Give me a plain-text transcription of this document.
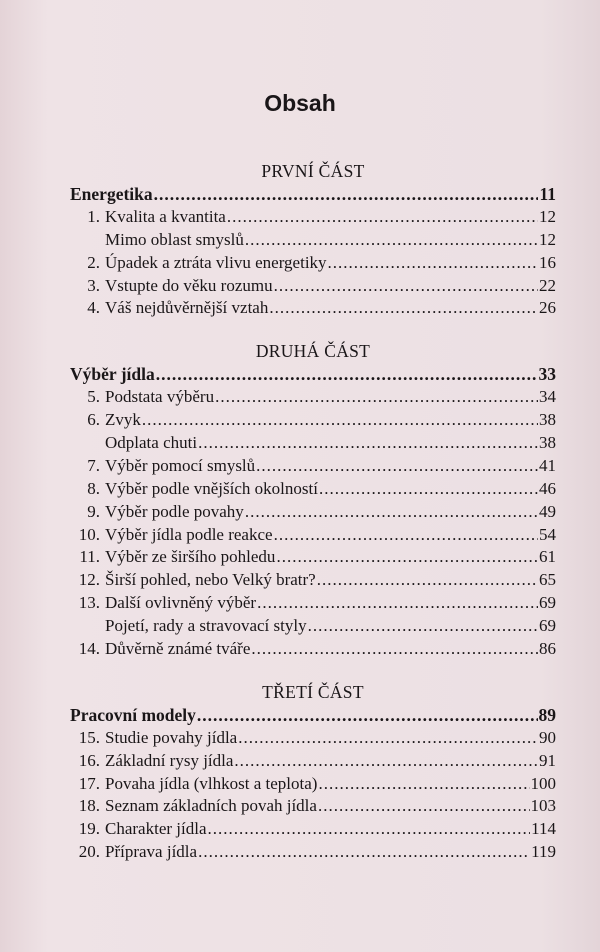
Obsah
PRVNÍ ČÁST
Energetika .....	11
1. Kvalita a kvantita .....	12
Mimo oblast smyslů .....	12
2. Úpadek a ztráta vlivu energetiky .....	16
3. Vstupte do věku rozumu .....	22
4. Váš nejdůvěrnější vztah .....	26
DRUHÁ ČÁST
Výběr jídla .....	33
5. Podstata výběru .....	34
6. Zvyk .....	38
Odplata chuti .....	38
7. Výběr pomocí smyslů .....	41
8. Výběr podle vnějších okolností .....	46
9. Výběr podle povahy .....	49
10. Výběr jídla podle reakce .....	54
11. Výběr ze širšího pohledu .....	61
12. Širší pohled, nebo Velký bratr? .....	65
13. Další ovlivněný výběr .....	69
Pojetí, rady a stravovací styly .....	69
14. Důvěrně známé tváře .....	86
TŘETÍ ČÁST
Pracovní modely .....	89
15. Studie povahy jídla .....	90
16. Základní rysy jídla .....	91
17. Povaha jídla (vlhkost a teplota) .....	100
18. Seznam základních povah jídla .....	103
19. Charakter jídla .....	114
20. Příprava jídla .....	119
